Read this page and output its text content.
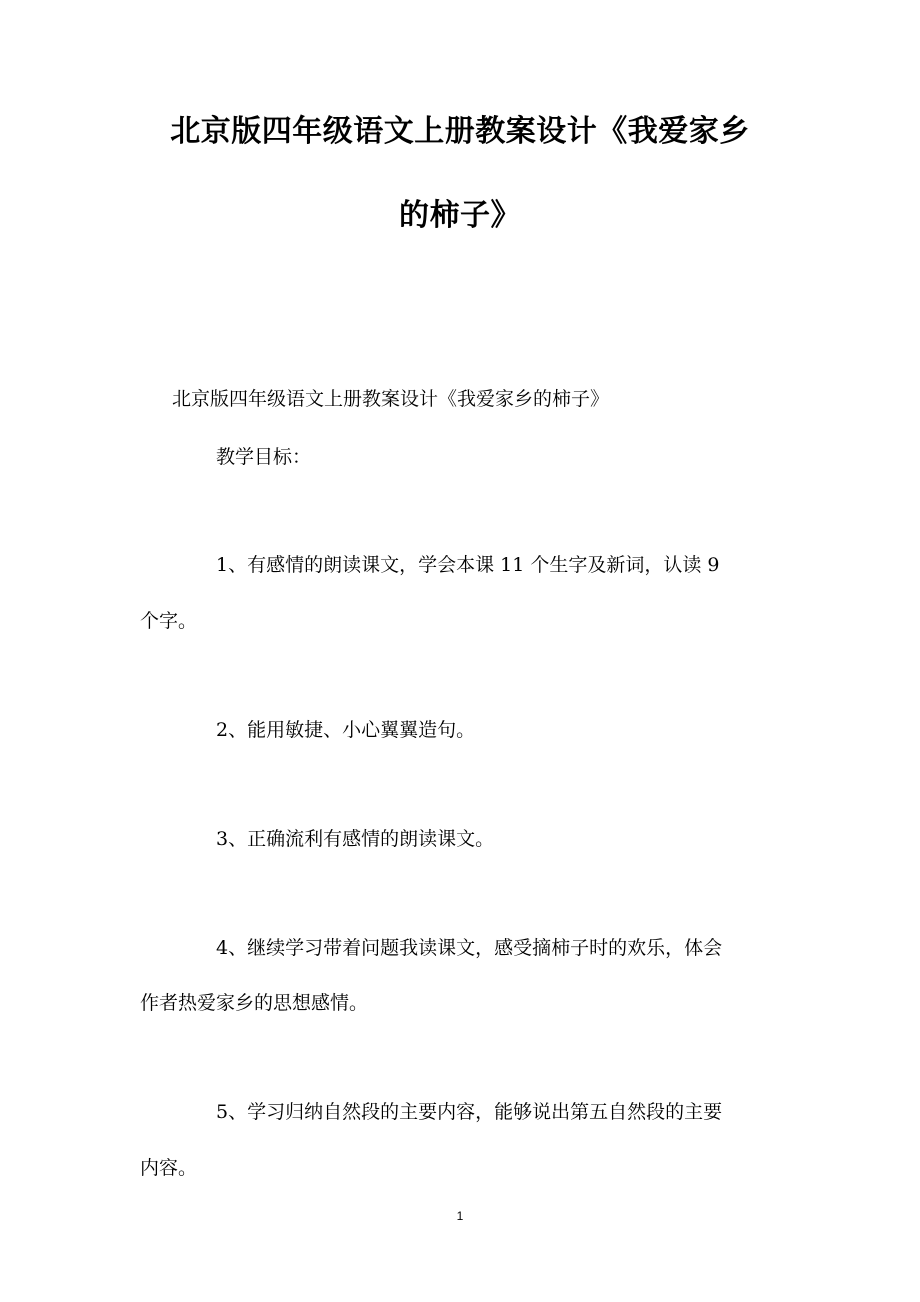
北京版四年级语文上册教案设计《我爱家乡
的柿子》
北京版四年级语文上册教案设计《我爱家乡的柿子》
教学目标：
1、有感情的朗读课文，学会本课 11 个生字及新词，认读 9
个字。
2、能用敏捷、小心翼翼造句。
3、正确流利有感情的朗读课文。
4、继续学习带着问题我读课文，感受摘柿子时的欢乐，体会
作者热爱家乡的思想感情。
5、学习归纳自然段的主要内容，能够说出第五自然段的主要
内容。
1
